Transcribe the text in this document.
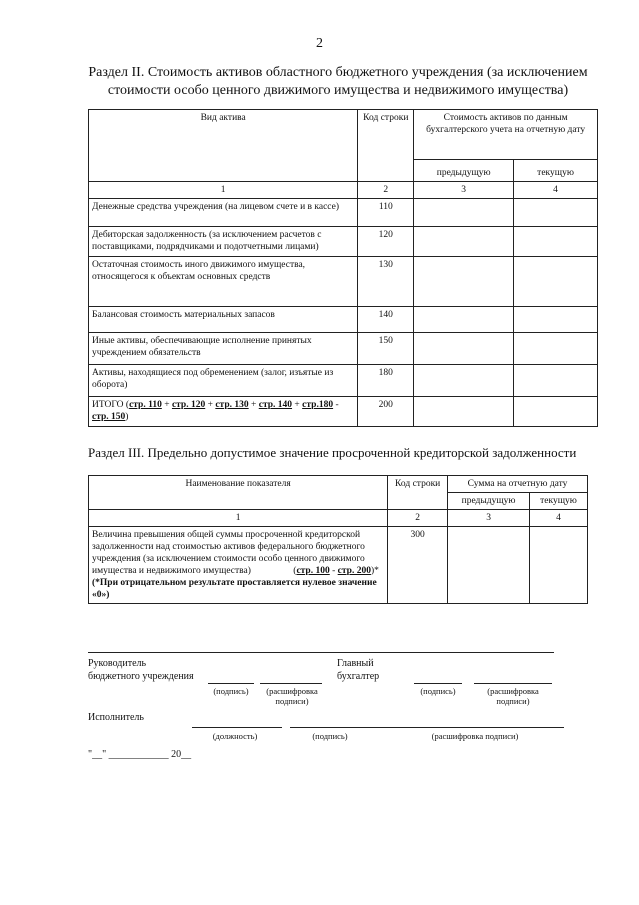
2
Раздел II. Стоимость активов областного бюджетного учреждения (за исключением
стоимости особо ценного движимого имущества и недвижимого имущества)
Вид актива	Код строки	Стоимость активов по данным бухгалтерского учета на отчетную дату	
		предыдущую	текущую
1	2	3	4
Денежные средства учреждения (на лицевом счете и в кассе)	110		
Дебиторская задолженность (за исключением расчетов с поставщиками, подрядчиками и подотчетными лицами)	120		
Остаточная стоимость иного движимого имущества, относящегося к объектам основных средств	130		
Балансовая стоимость материальных запасов	140		
Иные активы, обеспечивающие исполнение принятых учреждением обязательств	150		
Активы, находящиеся под обременением (залог, изъятые из оборота)	180		
ИТОГО (стр. 110 + стр. 120 + стр. 130 + стр. 140 + стр.180 - стр. 150)	200		
Раздел III. Предельно допустимое значение просроченной кредиторской задолженности
Наименование показателя	Код строки	Сумма на отчетную дату	
		предыдущую	текущую
1	2	3	4
Величина превышения общей суммы просроченной кредиторской задолженности над стоимостью активов федерального бюджетного учреждения (за исключением стоимости особо ценного движимого имущества и недвижимого имущества) (стр. 100 - стр. 200)*
(*При отрицательном результате проставляется нулевое значение «0»)	300		
Руководитель
бюджетного учреждения
(подпись)	(расшифровка подписи)
Главный
бухгалтер
(подпись)	(расшифровка подписи)
Исполнитель
(должность)	(подпись)	(расшифровка подписи)
"__" ____________ 20__
